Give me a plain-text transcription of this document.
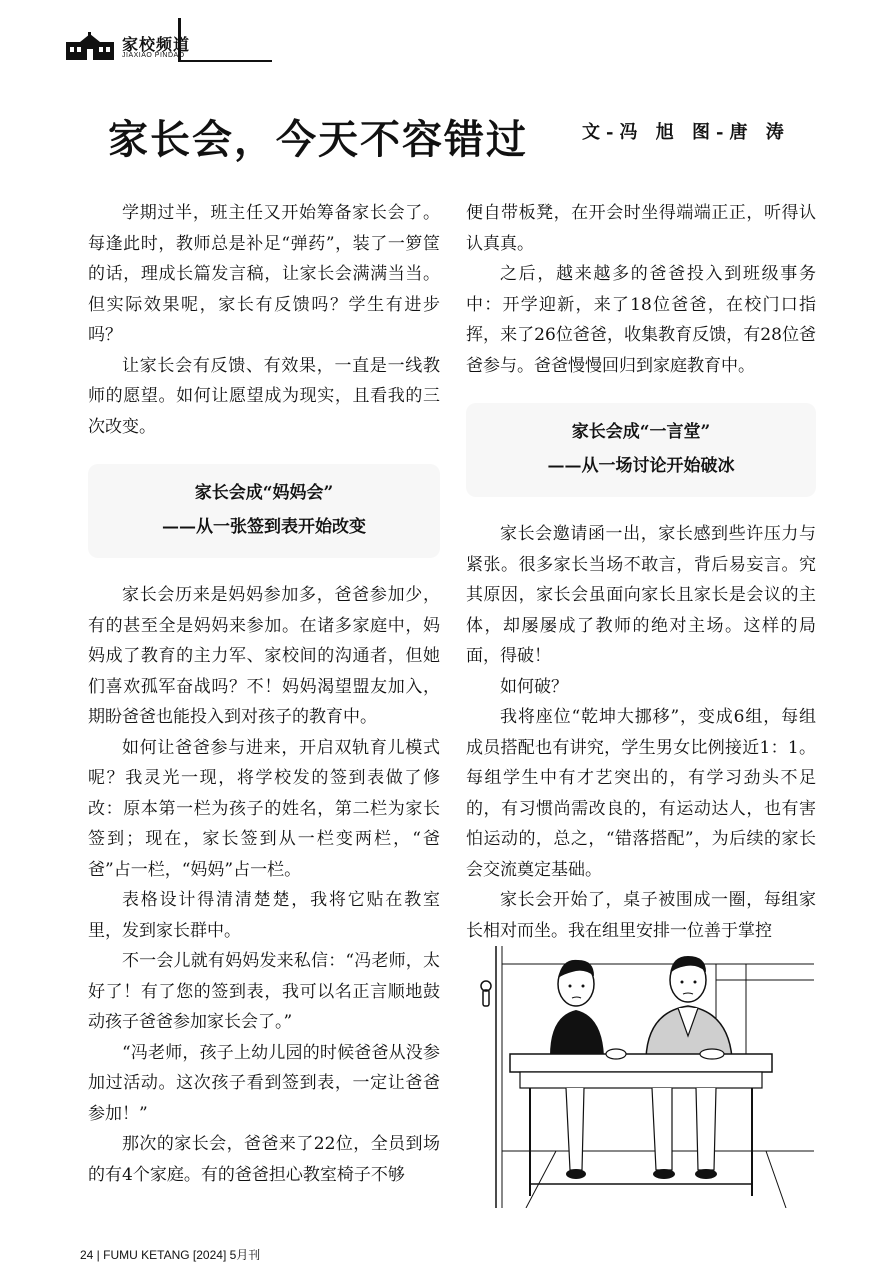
家校频道
JIAXIAO PINDAO
家长会，今天不容错过	文-冯 旭 图-唐 涛

学期过半，班主任又开始筹备家长会了。每逢此时，教师总是补足“弹药”，装了一箩筐的话，理成长篇发言稿，让家长会满满当当。但实际效果呢，家长有反馈吗？学生有进步吗？

让家长会有反馈、有效果，一直是一线教师的愿望。如何让愿望成为现实，且看我的三次改变。

家长会成“妈妈会”
——从一张签到表开始改变

家长会历来是妈妈参加多，爸爸参加少，有的甚至全是妈妈来参加。在诸多家庭中，妈妈成了教育的主力军、家校间的沟通者，但她们喜欢孤军奋战吗？不！妈妈渴望盟友加入，期盼爸爸也能投入到对孩子的教育中。

如何让爸爸参与进来，开启双轨育儿模式呢？我灵光一现，将学校发的签到表做了修改：原本第一栏为孩子的姓名，第二栏为家长签到；现在，家长签到从一栏变两栏，“爸爸”占一栏，“妈妈”占一栏。

表格设计得清清楚楚，我将它贴在教室里，发到家长群中。

不一会儿就有妈妈发来私信：“冯老师，太好了！有了您的签到表，我可以名正言顺地鼓动孩子爸爸参加家长会了。”

“冯老师，孩子上幼儿园的时候爸爸从没参加过活动。这次孩子看到签到表，一定让爸爸参加！”

那次的家长会，爸爸来了22位，全员到场的有4个家庭。有的爸爸担心教室椅子不够

便自带板凳，在开会时坐得端端正正，听得认认真真。

之后，越来越多的爸爸投入到班级事务中：开学迎新，来了18位爸爸，在校门口指挥，来了26位爸爸，收集教育反馈，有28位爸爸参与。爸爸慢慢回归到家庭教育中。

家长会成“一言堂”
——从一场讨论开始破冰

家长会邀请函一出，家长感到些许压力与紧张。很多家长当场不敢言，背后易妄言。究其原因，家长会虽面向家长且家长是会议的主体，却屡屡成了教师的绝对主场。这样的局面，得破！

如何破？

我将座位“乾坤大挪移”，变成6组，每组成员搭配也有讲究，学生男女比例接近1：1。每组学生中有才艺突出的，有学习劲头不足的，有习惯尚需改良的，有运动达人，也有害怕运动的，总之，“错落搭配”，为后续的家长会交流奠定基础。

家长会开始了，桌子被围成一圈，每组家长相对而坐。我在组里安排一位善于掌控

24 | FUMU KETANG [2024] 5月刊
